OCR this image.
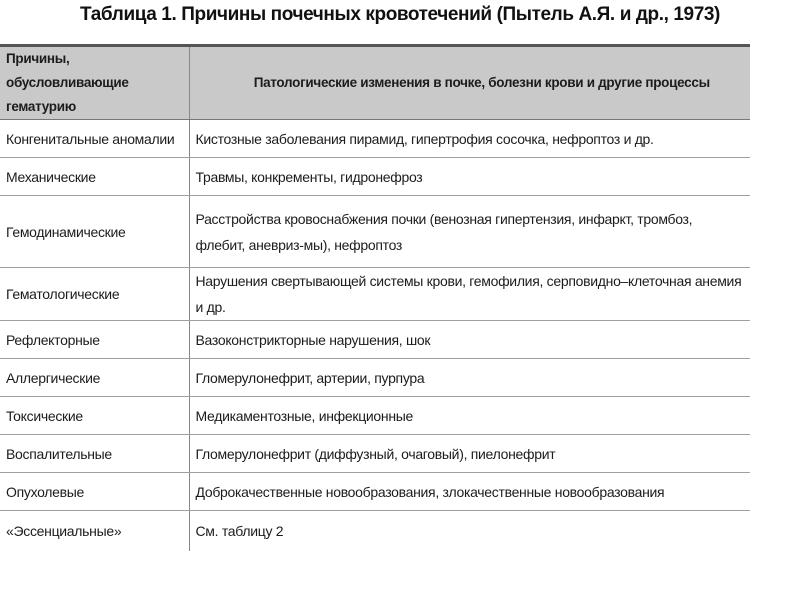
Таблица 1. Причины почечных кровотечений (Пытель А.Я. и др., 1973)
Причины, обусловливающие гематурию	Патологические изменения в почке, болезни крови и другие процессы
Конгенитальные аномалии	Кистозные заболевания пирамид, гипертрофия сосочка, нефроптоз и др.
Механические	Травмы, конкременты, гидронефроз
Гемодинамические	Расстройства кровоснабжения почки (венозная гипертензия, инфаркт, тромбоз, флебит, аневриз-мы), нефроптоз
Гематологические	Нарушения свертывающей системы крови, гемофилия, серповидно–клеточная анемия и др.
Рефлекторные	Вазоконстрикторные нарушения, шок
Аллергические	Гломерулонефрит, артерии, пурпура
Токсические	Медикаментозные, инфекционные
Воспалительные	Гломерулонефрит (диффузный, очаговый), пиелонефрит
Опухолевые	Доброкачественные новообразования, злокачественные новообразования
«Эссенциальные»	См. таблицу 2
